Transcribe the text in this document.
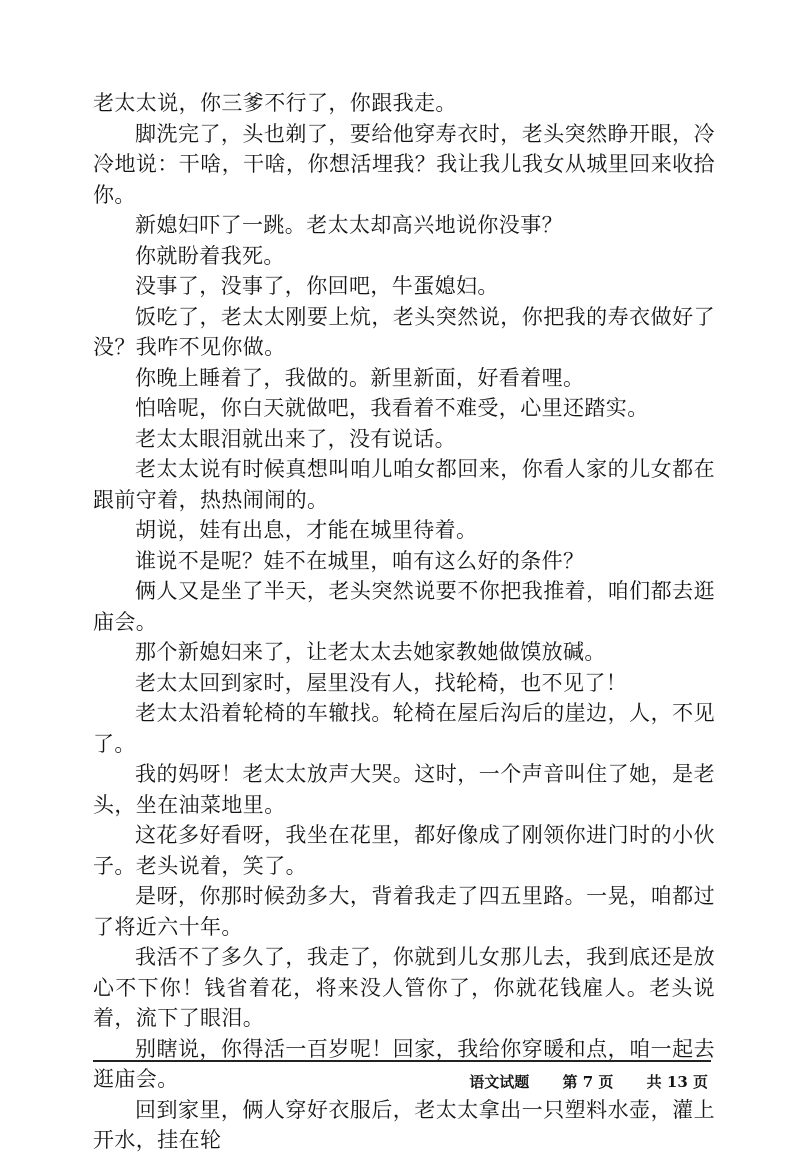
老太太说，你三爹不行了，你跟我走。

脚洗完了，头也剃了，要给他穿寿衣时，老头突然睁开眼，冷冷地说：干啥，干啥，你想活埋我？我让我儿我女从城里回来收拾你。

新媳妇吓了一跳。老太太却高兴地说你没事？

你就盼着我死。

没事了，没事了，你回吧，牛蛋媳妇。

饭吃了，老太太刚要上炕，老头突然说，你把我的寿衣做好了没？我咋不见你做。

你晚上睡着了，我做的。新里新面，好看着哩。

怕啥呢，你白天就做吧，我看着不难受，心里还踏实。

老太太眼泪就出来了，没有说话。

老太太说有时候真想叫咱儿咱女都回来，你看人家的儿女都在跟前守着，热热闹闹的。

胡说，娃有出息，才能在城里待着。

谁说不是呢？娃不在城里，咱有这么好的条件？

俩人又是坐了半天，老头突然说要不你把我推着，咱们都去逛庙会。

那个新媳妇来了，让老太太去她家教她做馍放碱。

老太太回到家时，屋里没有人，找轮椅，也不见了！

老太太沿着轮椅的车辙找。轮椅在屋后沟后的崖边，人，不见了。

我的妈呀！老太太放声大哭。这时，一个声音叫住了她，是老头，坐在油菜地里。

这花多好看呀，我坐在花里，都好像成了刚领你进门时的小伙子。老头说着，笑了。

是呀，你那时候劲多大，背着我走了四五里路。一晃，咱都过了将近六十年。

我活不了多久了，我走了，你就到儿女那儿去，我到底还是放心不下你！钱省着花，将来没人管你了，你就花钱雇人。老头说着，流下了眼泪。

别瞎说，你得活一百岁呢！回家，我给你穿暖和点，咱一起去逛庙会。

回到家里，俩人穿好衣服后，老太太拿出一只塑料水壶，灌上开水，挂在轮

语文试题 第 7 页 共 13 页
